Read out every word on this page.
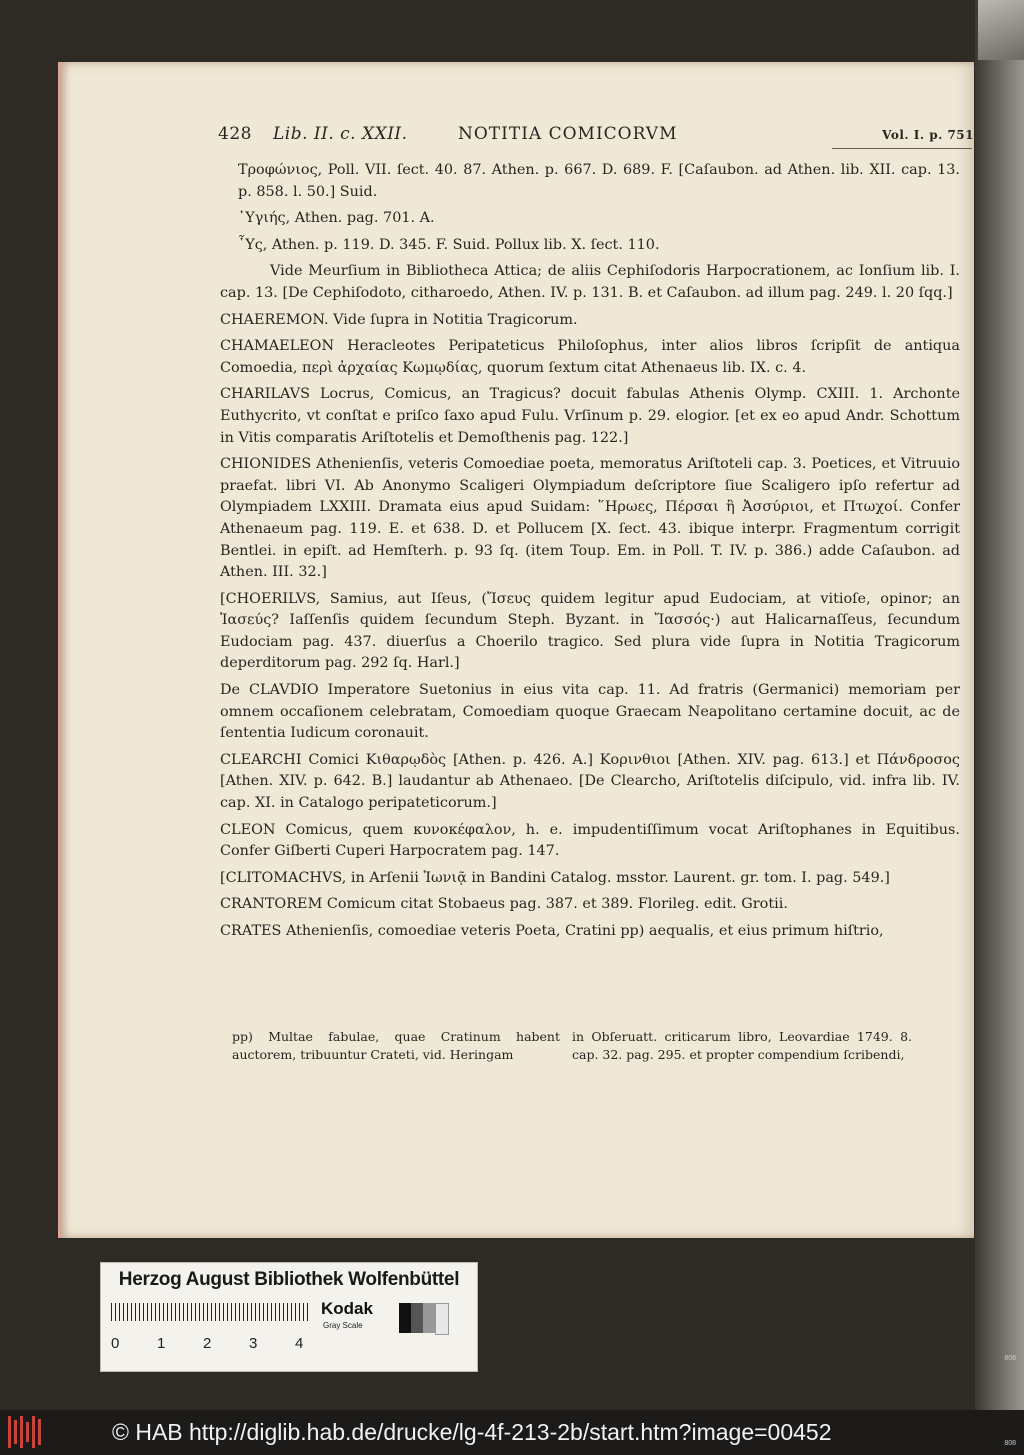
428 Lib. II. c. XXII.	NOTITIA COMICORVM	Vol. I. p. 751

Τροφώνιος, Poll. VII. ſect. 40. 87. Athen. p. 667. D. 689. F. [Caſaubon. ad Athen. lib. XII. cap. 13. p. 858. l. 50.] Suid.

῾Υγιής, Athen. pag. 701. A.

῟Υς, Athen. p. 119. D. 345. F. Suid. Pollux lib. X. ſect. 110.

Vide Meurſium in Bibliotheca Attica; de aliis Cephiſodoris Harpocrationem, ac Ionſium lib. I. cap. 13. [De Cephiſodoto, citharoedo, Athen. IV. p. 131. B. et Caſaubon. ad illum pag. 249. l. 20 ſqq.]

CHAEREMON. Vide ſupra in Notitia Tragicorum.

CHAMAELEON Heracleotes Peripateticus Philoſophus, inter alios libros ſcripſit de antiqua Comoedia, περὶ ἀρχαίας Κωμῳδίας, quorum ſextum citat Athenaeus lib. IX. c. 4.

CHARILAVS Locrus, Comicus, an Tragicus? docuit fabulas Athenis Olymp. CXIII. 1. Archonte Euthycrito, vt conſtat e priſco ſaxo apud Fulu. Vrſinum p. 29. elogior. [et ex eo apud Andr. Schottum in Vitis comparatis Ariſtotelis et Demoſthenis pag. 122.]

CHIONIDES Athenienſis, veteris Comoediae poeta, memoratus Ariſtoteli cap. 3. Poetices, et Vitruuio praefat. libri VI. Ab Anonymo Scaligeri Olympiadum deſcriptore ſiue Scaligero ipſo refertur ad Olympiadem LXXIII. Dramata eius apud Suidam: ῞Ηρωες, Πέρσαι ἢ Ἀσσύριοι, et Πτωχοί. Confer Athenaeum pag. 119. E. et 638. D. et Pollucem [X. ſect. 43. ibique interpr. Fragmentum corrigit Bentlei. in epiſt. ad Hemſterh. p. 93 ſq. (item Toup. Em. in Poll. T. IV. p. 386.) adde Caſaubon. ad Athen. III. 32.]

[CHOERILVS, Samius, aut Iſeus, (Ἴσευς quidem legitur apud Eudociam, at vitioſe, opinor; an Ἰασεύς? Iaſſenſis quidem ſecundum Steph. Byzant. in Ἴασσός·) aut Halicarnaſſeus, ſecundum Eudociam pag. 437. diuerſus a Choerilo tragico. Sed plura vide ſupra in Notitia Tragicorum deperditorum pag. 292 ſq. Harl.]

De CLAVDIO Imperatore Suetonius in eius vita cap. 11. Ad fratris (Germanici) memoriam per omnem occaſionem celebratam, Comoediam quoque Graecam Neapolitano certamine docuit, ac de ſententia Iudicum coronauit.

CLEARCHI Comici Κιθαρῳδὸς [Athen. p. 426. A.] Κορινθιοι [Athen. XIV. pag. 613.] et Πάνδροσος [Athen. XIV. p. 642. B.] laudantur ab Athenaeo. [De Clearcho, Ariſtotelis diſcipulo, vid. infra lib. IV. cap. XI. in Catalogo peripateticorum.]

CLEON Comicus, quem κυνοκέφαλον, h. e. impudentiſſimum vocat Ariſtophanes in Equitibus. Confer Giſberti Cuperi Harpocratem pag. 147.

[CLITOMACHVS, in Arſenii Ἰωνιᾷ in Bandini Catalog. msstor. Laurent. gr. tom. I. pag. 549.]

CRANTOREM Comicum citat Stobaeus pag. 387. et 389. Florileg. edit. Grotii.

CRATES Athenienſis, comoediae veteris Poeta, Cratini pp) aequalis, et eius primum hiſtrio,

pp) Multae fabulae, quae Cratinum habent auctorem, tribuuntur Crateti, vid. Heringam
in Obſeruatt. criticarum libro, Leovardiae 1749. 8. cap. 32. pag. 295. et propter compendium ſcribendi,
Herzog August Bibliothek Wolfenbüttel
0	1	2	3	4
Kodak
Gray Scale
808
© HAB http://diglib.hab.de/drucke/lg-4f-213-2b/start.htm?image=00452	808
